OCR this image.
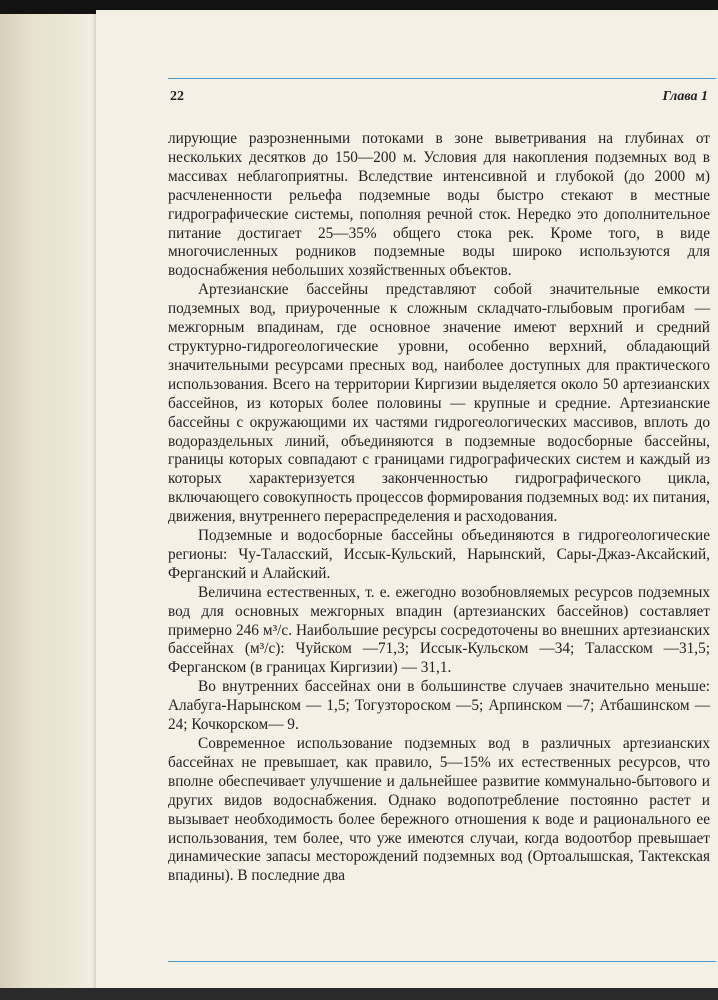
22	Глава 1

лирующие разрозненными потоками в зоне выветривания на глубинах от нескольких десятков до 150—200 м. Условия для накопления подземных вод в массивах неблагоприятны. Вследствие интенсивной и глубокой (до 2000 м) расчлененности рельефа подземные воды быстро стекают в местные гидрографические системы, пополняя речной сток. Нередко это дополнительное питание достигает 25—35% общего стока рек. Кроме того, в виде многочисленных родников подземные воды широко используются для водоснабжения небольших хозяйственных объектов.

Артезианские бассейны представляют собой значительные емкости подземных вод, приуроченные к сложным складчато-глыбовым прогибам — межгорным впадинам, где основное значение имеют верхний и средний структурно-гидрогеологические уровни, особенно верхний, обладающий значительными ресурсами пресных вод, наиболее доступных для практического использования. Всего на территории Киргизии выделяется около 50 артезианских бассейнов, из которых более половины — крупные и средние. Артезианские бассейны с окружающими их частями гидрогеологических массивов, вплоть до водораздельных линий, объединяются в подземные водосборные бассейны, границы которых совпадают с границами гидрографических систем и каждый из которых характеризуется законченностью гидрографического цикла, включающего совокупность процессов формирования подземных вод: их питания, движения, внутреннего перераспределения и расходования.

Подземные и водосборные бассейны объединяются в гидрогеологические регионы: Чу-Таласский, Иссык-Кульский, Нарынский, Сары-Джаз-Аксайский, Ферганский и Алайский.

Величина естественных, т. е. ежегодно возобновляемых ресурсов подземных вод для основных межгорных впадин (артезианских бассейнов) составляет примерно 246 м³/с. Наибольшие ресурсы сосредоточены во внешних артезианских бассейнах (м³/с): Чуйском —71,3; Иссык-Кульском —34; Таласском —31,5; Ферганском (в границах Киргизии) — 31,1.

Во внутренних бассейнах они в большинстве случаев значительно меньше: Алабуга-Нарынском — 1,5; Тогузтороском —5; Арпинском —7; Атбашинском —24; Кочкорском— 9.

Современное использование подземных вод в различных артезианских бассейнах не превышает, как правило, 5—15% их естественных ресурсов, что вполне обеспечивает улучшение и дальнейшее развитие коммунально-бытового и других видов водоснабжения. Однако водопотребление постоянно растет и вызывает необходимость более бережного отношения к воде и рационального ее использования, тем более, что уже имеются случаи, когда водоотбор превышает динамические запасы месторождений подземных вод (Ортоалышская, Тактекская впадины). В последние два
